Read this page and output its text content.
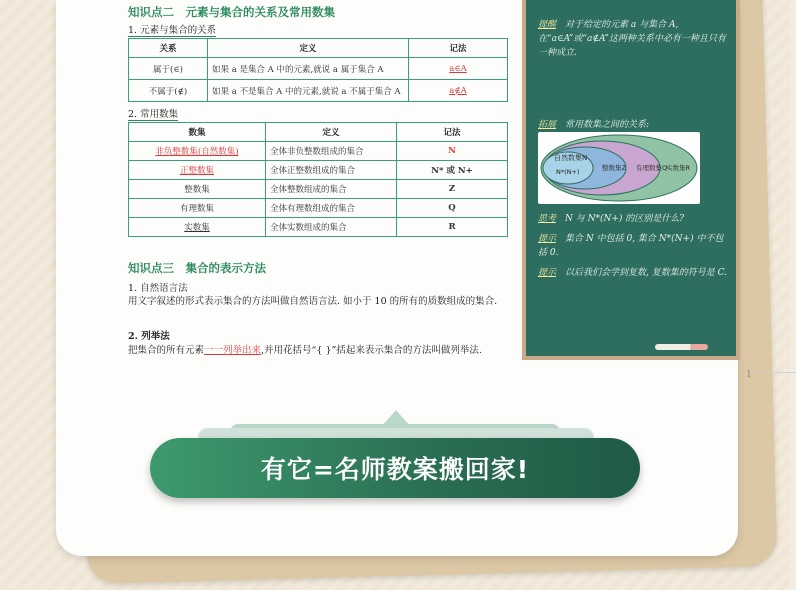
知识点二　元素与集合的关系及常用数集
1. 元素与集合的关系
关系	定义	记法
属于(∈)	如果 a 是集合 A 中的元素,就说 a 属于集合 A	a∈A
不属于(∉)	如果 a 不是集合 A 中的元素,就说 a 不属于集合 A	a∉A
2. 常用数集
数集	定义	记法
非负整数集(自然数集)	全体非负整数组成的集合	N
正整数集	全体正整数组成的集合	N* 或 N+
整数集	全体整数组成的集合	Z
有理数集	全体有理数组成的集合	Q
实数集	全体实数组成的集合	R
知识点三　集合的表示方法
1. 自然语言法
用文字叙述的形式表示集合的方法叫做自然语言法. 如小于 10 的所有的质数组成的集合.
2. 列举法
把集合的所有元素一一列举出来,并用花括号“{ }”括起来表示集合的方法叫做列举法.
1
提醒　 对于给定的元素 a 与集合 A, 在“a∈A”或“a∉A”这两种关系中必有一种且只有一种成立.
拓展　 常用数集之间的关系:
自然数集N
N*(N+)	整数集Z 有理数集Q
实数集R
思考　 N 与 N*(N+) 的区别是什么?
提示　 集合 N 中包括 0, 集合 N*(N+) 中不包括 0.
提示　 以后我们会学到复数, 复数集的符号是 C.
有它=名师教案搬回家!
